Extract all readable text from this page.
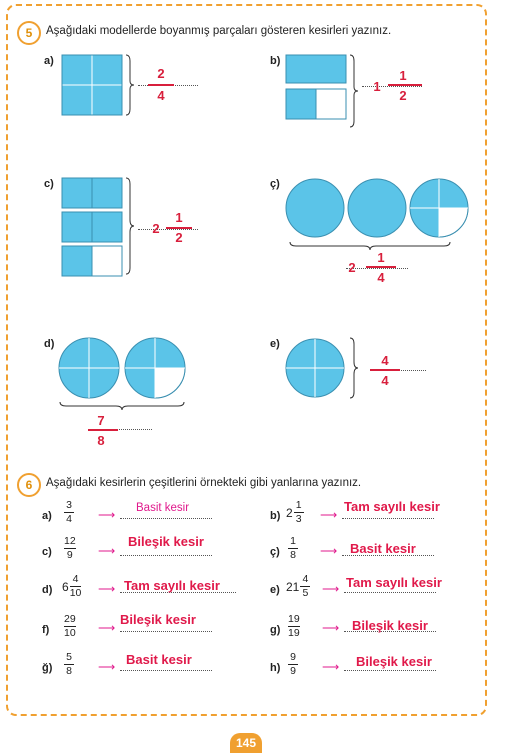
5	Aşağıdaki modellerde boyanmış parçaları gösteren kesirleri yazınız.
a)
2
4
b)
1
1
2
c)
2
1
2
ç)
2
1
4
d)
7
8
e)
4
4
6	Aşağıdaki kesirlerin çeşitlerini örnekteki gibi yanlarına yazınız.
a)
3
4 ⟶ Basit kesir
b) 2
1
3 ⟶
Tam sayılı kesir
c)
12
9 ⟶
Bileşik kesir
ç)
1
8 ⟶ Basit kesir
d) 6
4
10 ⟶ Tam sayılı kesir	e) 21
4
5 ⟶ Tam sayılı kesir
f)
29
10 ⟶
Bileşik kesir
g)
19
19 ⟶ Bileşik kesir
ğ)
5
8 ⟶ Basit kesir
h)
9
9 ⟶ Bileşik kesir
145
